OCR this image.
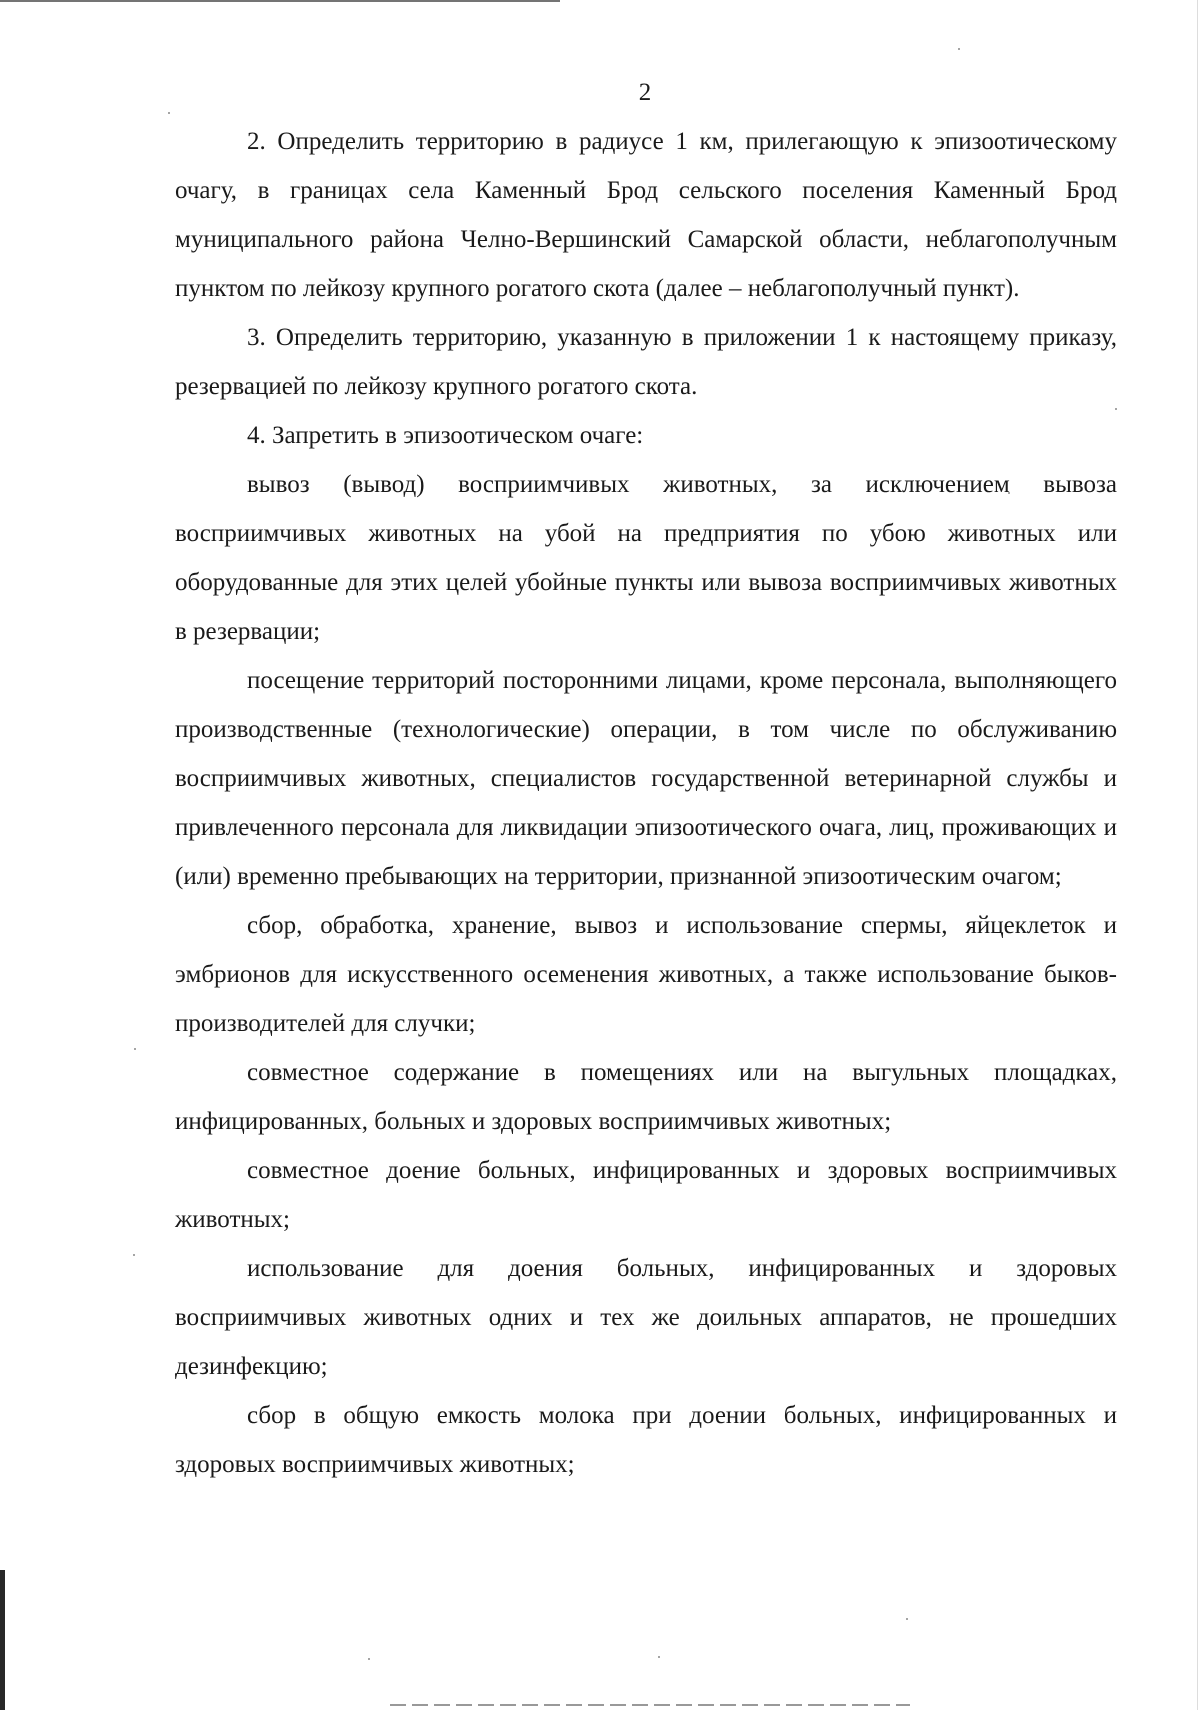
2

2. Определить территорию в радиусе 1 км, прилегающую к эпизоотическому очагу, в границах села Каменный Брод сельского поселения Каменный Брод муниципального района Челно-Вершинский Самарской области, неблагополучным пунктом по лейкозу крупного рогатого скота (далее – неблагополучный пункт).

3. Определить территорию, указанную в приложении 1 к настоящему приказу, резервацией по лейкозу крупного рогатого скота.

4. Запретить в эпизоотическом очаге:

вывоз (вывод) восприимчивых животных, за исключением вывоза восприимчивых животных на убой на предприятия по убою животных или оборудованные для этих целей убойные пункты или вывоза восприимчивых животных в резервации;

посещение территорий посторонними лицами, кроме персонала, выполняющего производственные (технологические) операции, в том числе по обслуживанию восприимчивых животных, специалистов государственной ветеринарной службы и привлеченного персонала для ликвидации эпизоотического очага, лиц, проживающих и (или) временно пребывающих на территории, признанной эпизоотическим очагом;

сбор, обработка, хранение, вывоз и использование спермы, яйцеклеток и эмбрионов для искусственного осеменения животных, а также использование быков-производителей для случки;

совместное содержание в помещениях или на выгульных площадках, инфицированных, больных и здоровых восприимчивых животных;

совместное доение больных, инфицированных и здоровых восприимчивых животных;

использование для доения больных, инфицированных и здоровых восприимчивых животных одних и тех же доильных аппаратов, не прошедших дезинфекцию;

сбор в общую емкость молока при доении больных, инфицированных и здоровых восприимчивых животных;
